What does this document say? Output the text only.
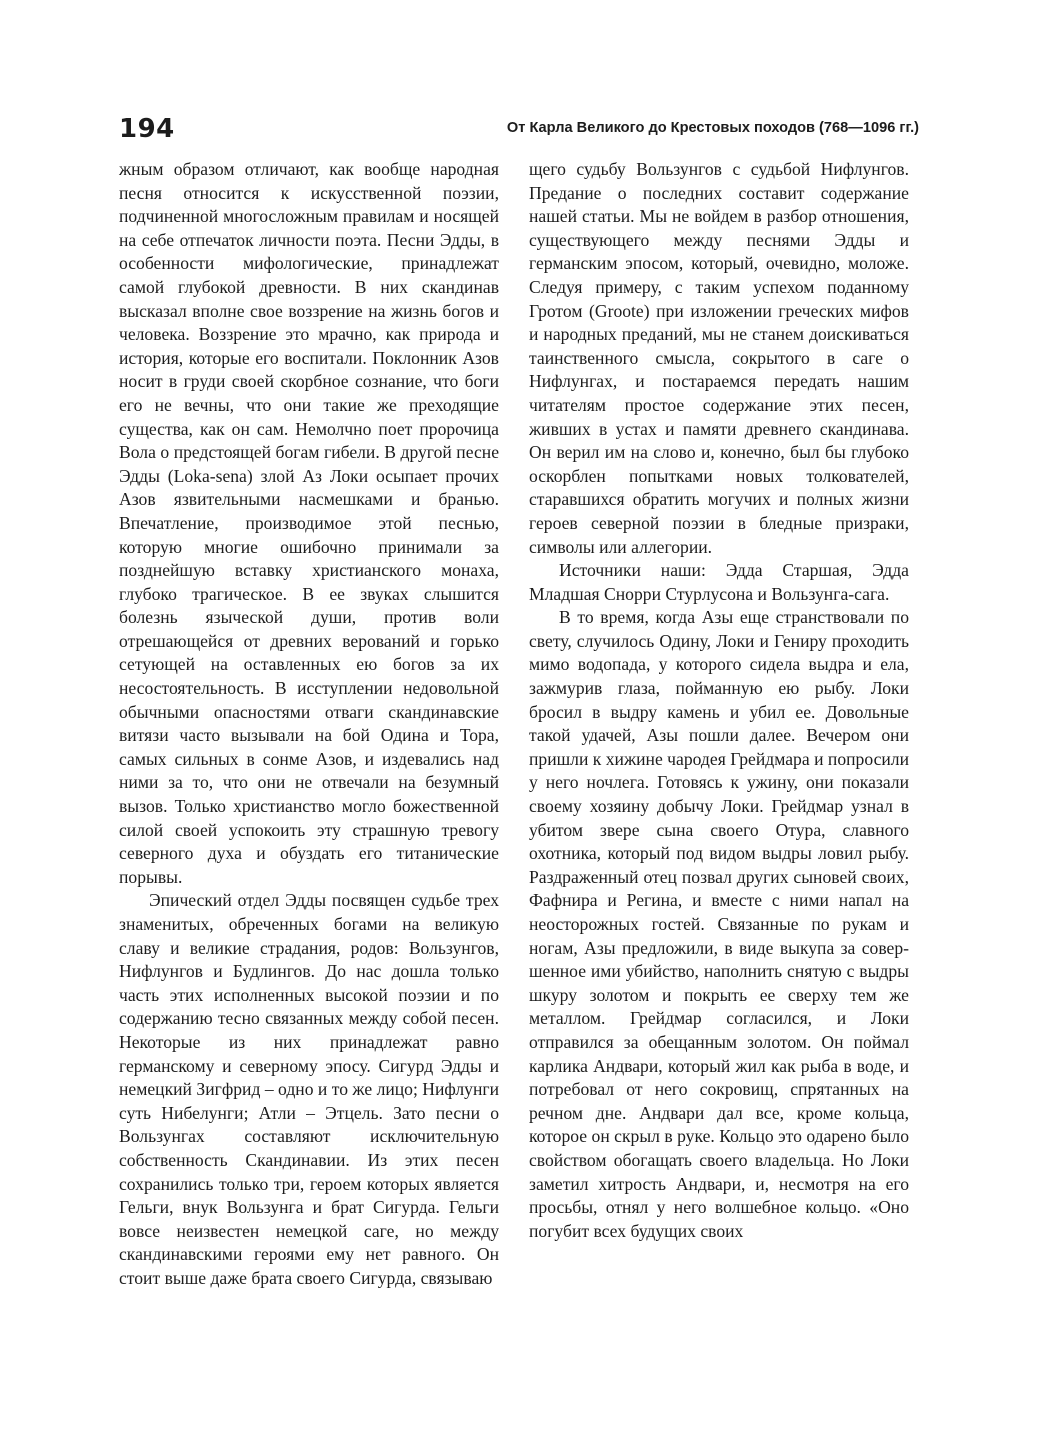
194	От Карла Великого до Крестовых походов (768—1096 гг.)

жным образом отличают, как вообще народная песня относится к искусственной поэзии, подчиненной многосложным правилам и носящей на себе отпечаток личности поэта. Песни Эдды, в особенности мифологические, принадлежат самой глубокой древности. В них скандинав высказал вполне свое воззрение на жизнь богов и человека. Воззрение это мрачно, как природа и история, которые его воспитали. Поклонник Азов носит в груди своей скорбное сознание, что боги его не вечны, что они такие же преходящие существа, как он сам. Немолчно поет пророчица Вола о предстоящей богам гибели. В другой песне Эдды (Loka-sena) злой Аз Локи осыпает прочих Азов язвительными насмешками и бранью. Впечатление, производимое этой песнью, которую многие ошибочно принимали за позднейшую вставку христианского монаха, глубоко трагическое. В ее звуках слышится болезнь языческой души, против воли отрешающейся от древних верований и горько сетующей на оставленных ею богов за их несостоятельность. В исступлении недовольной обычными опасностями отваги скандинавские витязи часто вызывали на бой Одина и Тора, самых сильных в сонме Азов, и издевались над ними за то, что они не отвечали на безумный вызов. Только христианство могло божественной силой своей успокоить эту страшную тревогу северного духа и обуздать его титанические порывы.

Эпический отдел Эдды посвящен судьбе трех знаменитых, обреченных богами на великую славу и великие страдания, родов: Вользунгов, Нифлунгов и Будлингов. До нас дошла только часть этих исполненных высокой поэзии и по содержанию тесно связанных между собой песен. Некоторые из них принадлежат равно германскому и северному эпосу. Сигурд Эдды и немецкий Зигфрид – одно и то же лицо; Нифлунги суть Нибелунги; Атли – Этцель. Зато песни о Вользунгах составляют исключительную собственность Скандинавии. Из этих песен сохранились только три, героем которых является Гельги, внук Вользунга и брат Сигурда. Гельги вовсе неизвестен немецкой саге, но между скандинавскими героями ему нет равного. Он стоит выше даже брата своего Сигурда, связываю

щего судьбу Вользунгов с судьбой Нифлунгов. Предание о последних составит содержание нашей статьи. Мы не войдем в разбор отношения, существующего между песнями Эдды и германским эпосом, который, очевидно, моложе. Следуя примеру, с таким успехом поданному Гротом (Groote) при изложении греческих мифов и народных преданий, мы не станем доискиваться таинственного смысла, сокрытого в саге о Нифлунгах, и постараемся передать нашим читателям простое содержание этих песен, живших в устах и памяти древнего скандинава. Он верил им на слово и, конечно, был бы глубоко оскорблен попытками новых толкователей, старавшихся обратить могучих и полных жизни героев северной поэзии в бледные призраки, символы или аллегории.

Источники наши: Эдда Старшая, Эдда Младшая Снорри Стурлусона и Вользунга-сага.

В то время, когда Азы еще странствовали по свету, случилось Одину, Локи и Гениру проходить мимо водопада, у которого сидела выдра и ела, зажмурив глаза, пойманную ею рыбу. Локи бросил в выдру камень и убил ее. Довольные такой удачей, Азы пошли далее. Вечером они пришли к хижине чародея Грейдмара и попросили у него ночлега. Готовясь к ужину, они показали своему хозяину добычу Локи. Грейдмар узнал в убитом звере сына своего Отура, славного охотника, который под видом выдры ловил рыбу. Раздраженный отец позвал других сыновей своих, Фафнира и Регина, и вместе с ними напал на неосторожных гостей. Связанные по рукам и ногам, Азы предложили, в виде выкупа за совершенное ими убийство, наполнить снятую с выдры шкуру золотом и покрыть ее сверху тем же металлом. Грейдмар согласился, и Локи отправился за обещанным золотом. Он поймал карлика Андвари, который жил как рыба в воде, и потребовал от него сокровищ, спрятанных на речном дне. Андвари дал все, кроме кольца, которое он скрыл в руке. Кольцо это одарено было свойством обогащать своего владельца. Но Локи заметил хитрость Андвари, и, несмотря на его просьбы, отнял у него волшебное кольцо. «Оно погубит всех будущих своих
